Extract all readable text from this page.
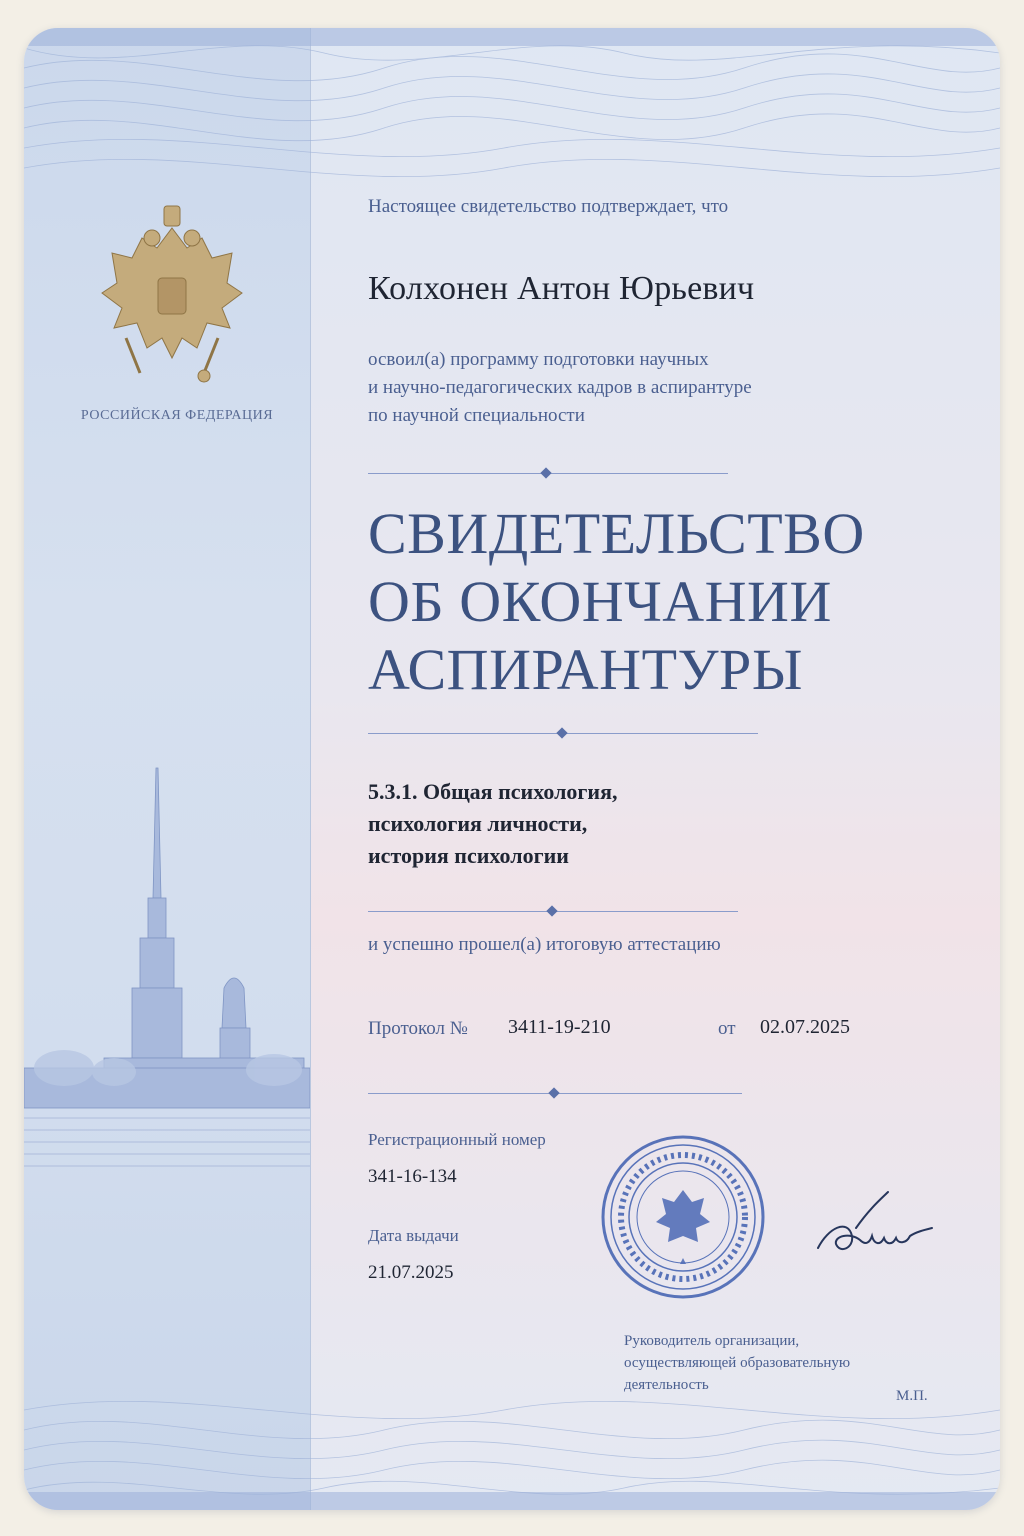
РОССИЙСКАЯ ФЕДЕРАЦИЯ
Настоящее свидетельство подтверждает, что
Колхонен Антон Юрьевич
освоил(а) программу подготовки научных
и научно-педагогических кадров в аспирантуре
по научной специальности
СВИДЕТЕЛЬСТВО
ОБ ОКОНЧАНИИ
АСПИРАНТУРЫ
5.3.1. Общая психология,
психология личности,
история психологии
и успешно прошел(а) итоговую аттестацию
Протокол № 3411-19-210	от 02.07.2025
Регистрационный номер
341-16-134
Дата выдачи
21.07.2025
Руководитель организации,
осуществляющей образовательную
деятельность
М.П.
